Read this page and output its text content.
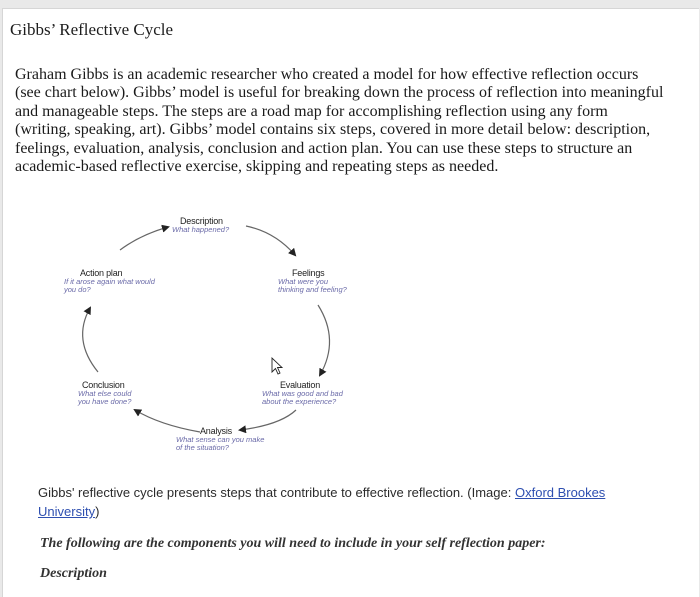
Gibbs’ Reflective Cycle
Graham Gibbs is an academic researcher who created a model for how effective reflection occurs (see chart below). Gibbs’ model is useful for breaking down the process of reflection into meaningful and manageable steps. The steps are a road map for accomplishing reflection using any form (writing, speaking, art). Gibbs’ model contains six steps, covered in more detail below: description, feelings, evaluation, analysis, conclusion and action plan. You can use these steps to structure an academic-based reflective exercise, skipping and repeating steps as needed.
Description
What happened?
Feelings
What were you thinking and feeling?
Evaluation
What was good and bad about the experience?
Analysis
What sense can you make of the situation?
Conclusion
What else could you have done?
Action plan
If it arose again what would you do?
Gibbs' reflective cycle presents steps that contribute to effective reflection. (Image: Oxford Brookes University)
The following are the components you will need to include in your self reflection paper:
Description
